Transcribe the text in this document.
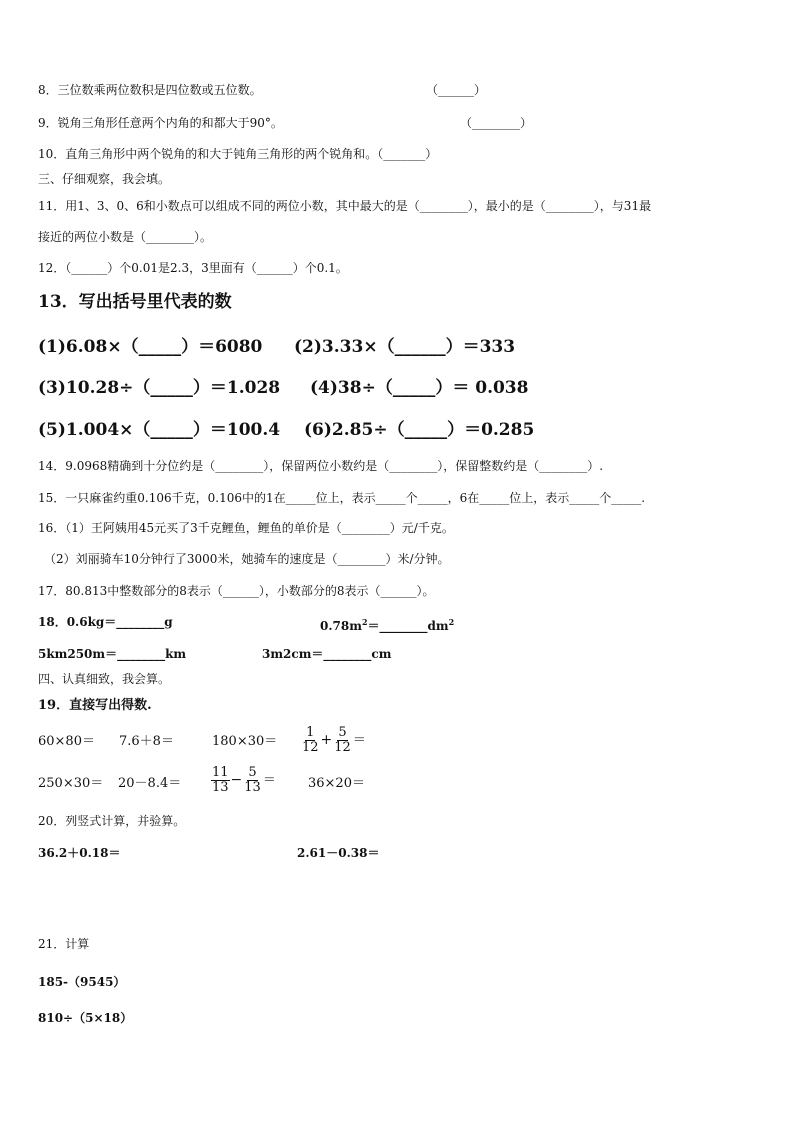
8．三位数乘两位数积是四位数或五位数。	（______）
9．锐角三角形任意两个内角的和都大于90°。	（________）
10．直角三角形中两个锐角的和大于钝角三角形的两个锐角和。（_______）
三、仔细观察，我会填。
11．用1、3、0、6和小数点可以组成不同的两位小数，其中最大的是（________），最小的是（________），与31最
接近的两位小数是（________）。
12．（______）个0.01是2.3，3里面有（______）个0.1。
13．写出括号里代表的数
(1)6.08×（_____）＝6080 (2)3.33×（______）＝333
(3)10.28÷（_____）＝1.028 (4)38÷（_____）＝ 0.038
(5)1.004×（_____）＝100.4 (6)2.85÷（_____）＝0.285
14．9.0968精确到十分位约是（________），保留两位小数约是（________），保留整数约是（________）.
15．一只麻雀约重0.106千克，0.106中的1在_____位上，表示_____个_____，6在_____位上，表示_____个_____.
16．（1）王阿姨用45元买了3千克鲤鱼，鲤鱼的单价是（________）元/千克。
（2）刘丽骑车10分钟行了3000米，她骑车的速度是（________）米/分钟。
17．80.813中整数部分的8表示（______），小数部分的8表示（______）。
18．0.6kg＝________g	$0.78m^2=\_\_\_\_\_\_\_\_dm^2$
5km250m＝________km	3m2cm＝________cm
四、认真细致，我会算。
19．直接写出得数.
60×80＝ 7.6＋8＝	$180\times 30= \frac{1}{12} + \frac{5}{12}$ ＝
$250\times 30= 20-8.4= \frac{11}{13} - \frac{5}{13} = 36\times 20=$
20．列竖式计算，并验算。
36.2＋0.18＝	2.61－0.38＝
21．计算
185-（9545）
810÷（5×18）
